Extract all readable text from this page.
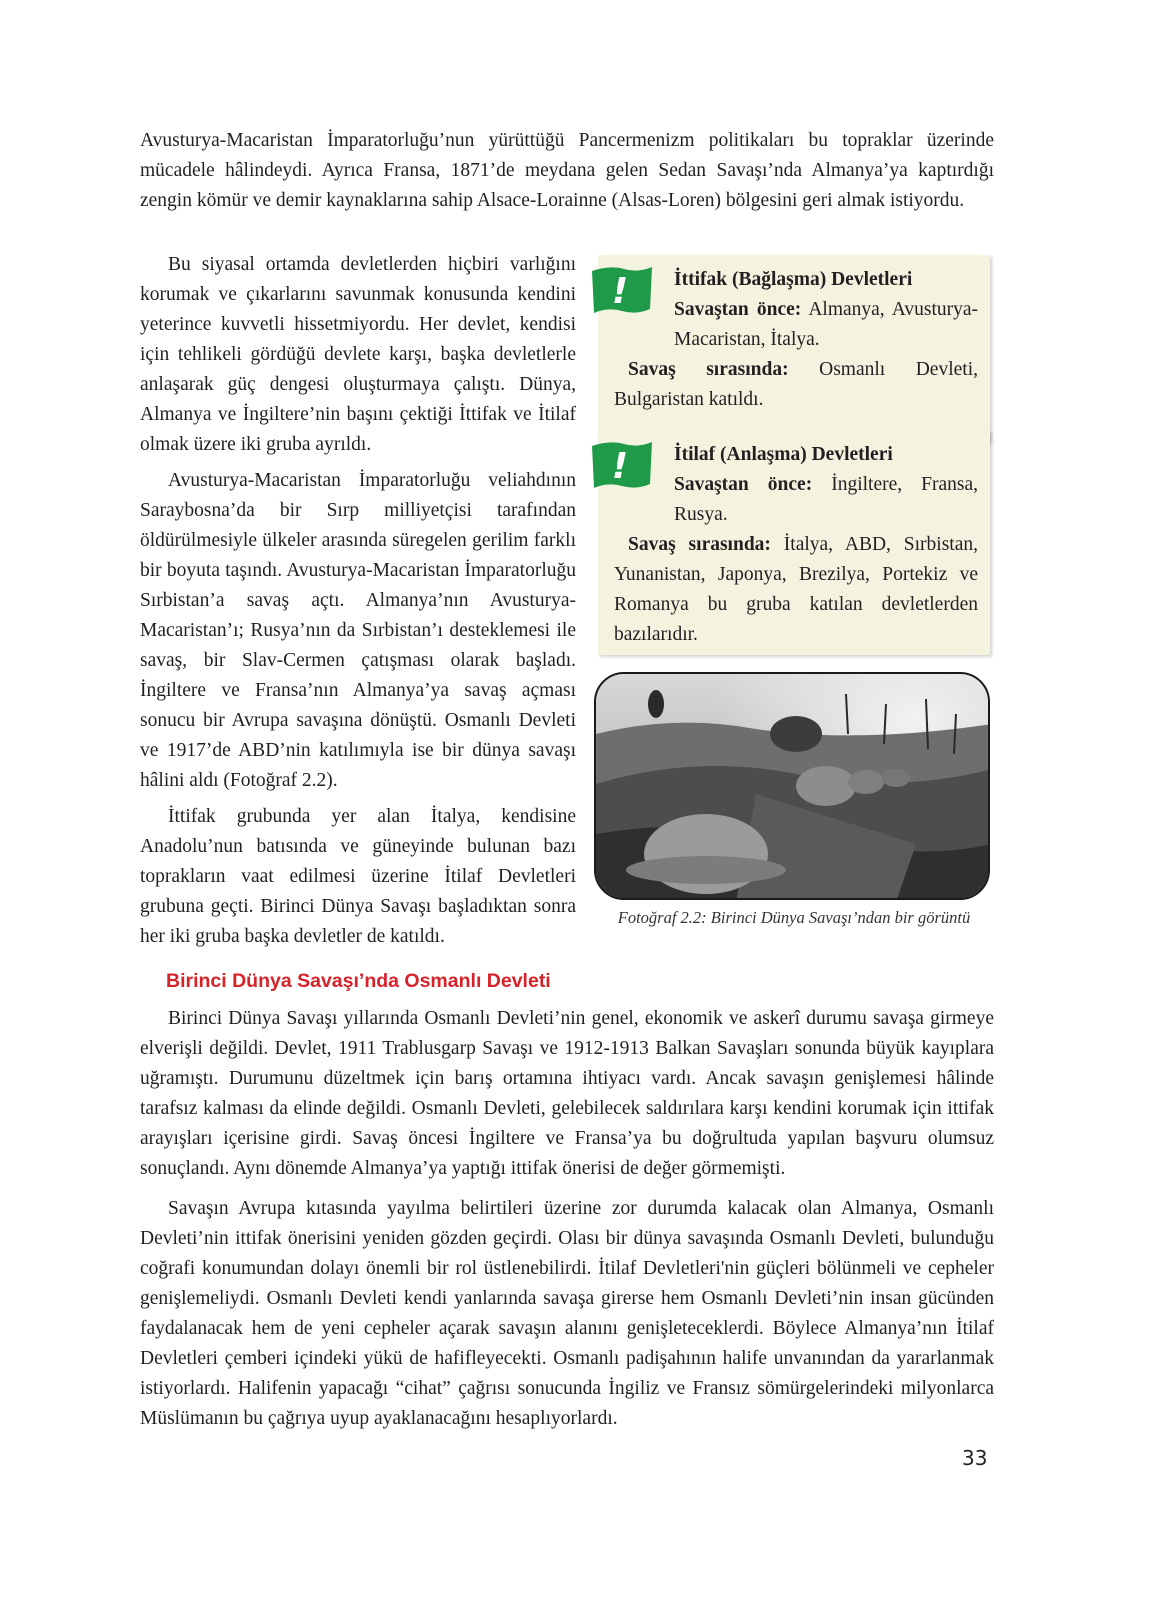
Avusturya-Macaristan İmparatorluğu’nun yürüttüğü Pancermenizm politikaları bu topraklar üzerinde mücadele hâlindeydi. Ayrıca Fransa, 1871’de meydana gelen Sedan Savaşı’nda Almanya’ya kaptırdığı zengin kömür ve demir kaynaklarına sahip Alsace-Lorainne (Alsas-Loren) bölgesini geri almak istiyordu.

Bu siyasal ortamda devletlerden hiçbiri varlığını korumak ve çıkarlarını savunmak konusunda kendini yeterince kuvvetli hissetmiyordu. Her devlet, kendisi için tehlikeli gördüğü devlete karşı, başka devletlerle anlaşarak güç dengesi oluşturmaya çalıştı. Dünya, Almanya ve İngiltere’nin başını çektiği İttifak ve İtilaf olmak üzere iki gruba ayrıldı.

Avusturya-Macaristan İmparatorluğu veliahdının Saraybosna’da bir Sırp milliyetçisi tarafından öldürülmesiyle ülkeler arasında süregelen gerilim farklı bir boyuta taşındı. Avusturya-Macaristan İmparatorluğu Sırbistan’a savaş açtı. Almanya’nın Avusturya-Macaristan’ı; Rusya’nın da Sırbistan’ı desteklemesi ile savaş, bir Slav-Cermen çatışması olarak başladı. İngiltere ve Fransa’nın Almanya’ya savaş açması sonucu bir Avrupa savaşına dönüştü. Osmanlı Devleti ve 1917’de ABD’nin katılımıyla ise bir dünya savaşı hâlini aldı (Fotoğraf 2.2).

İttifak grubunda yer alan İtalya, kendisine Anadolu’nun batısında ve güneyinde bulunan bazı toprakların vaat edilmesi üzerine İtilaf Devletleri grubuna geçti. Birinci Dünya Savaşı başladıktan sonra her iki gruba başka devletler de katıldı.

!	İttifak (Bağlaşma) Devletleri
Savaştan önce: Almanya, Avusturya-Macaristan, İtalya.
Savaş sırasında: Osmanlı Devleti, Bulgaristan katıldı.
!	İtilaf (Anlaşma) Devletleri
Savaştan önce: İngiltere, Fransa, Rusya.
Savaş sırasında: İtalya, ABD, Sırbistan, Yunanistan, Japonya, Brezilya, Portekiz ve Romanya bu gruba katılan devletlerden bazılarıdır.
Fotoğraf 2.2: Birinci Dünya Savaşı’ndan bir görüntü
Birinci Dünya Savaşı’nda Osmanlı Devleti

Birinci Dünya Savaşı yıllarında Osmanlı Devleti’nin genel, ekonomik ve askerî durumu savaşa girmeye elverişli değildi. Devlet, 1911 Trablusgarp Savaşı ve 1912-1913 Balkan Savaşları sonunda büyük kayıplara uğramıştı. Durumunu düzeltmek için barış ortamına ihtiyacı vardı. Ancak savaşın genişlemesi hâlinde tarafsız kalması da elinde değildi. Osmanlı Devleti, gelebilecek saldırılara karşı kendini korumak için ittifak arayışları içerisine girdi. Savaş öncesi İngiltere ve Fransa’ya bu doğrultuda yapılan başvuru olumsuz sonuçlandı. Aynı dönemde Almanya’ya yaptığı ittifak önerisi de değer görmemişti.

Savaşın Avrupa kıtasında yayılma belirtileri üzerine zor durumda kalacak olan Almanya, Osmanlı Devleti’nin ittifak önerisini yeniden gözden geçirdi. Olası bir dünya savaşında Osmanlı Devleti, bulunduğu coğrafi konumundan dolayı önemli bir rol üstlenebilirdi. İtilaf Devletleri'nin güçleri bölünmeli ve cepheler genişlemeliydi. Osmanlı Devleti kendi yanlarında savaşa girerse hem Osmanlı Devleti’nin insan gücünden faydalanacak hem de yeni cepheler açarak savaşın alanını genişleteceklerdi. Böylece Almanya’nın İtilaf Devletleri çemberi içindeki yükü de hafifleyecekti. Osmanlı padişahının halife unvanından da yararlanmak istiyorlardı. Halifenin yapacağı “cihat” çağrısı sonucunda İngiliz ve Fransız sömürgelerindeki milyonlarca Müslümanın bu çağrıya uyup ayaklanacağını hesaplıyorlardı.

33
